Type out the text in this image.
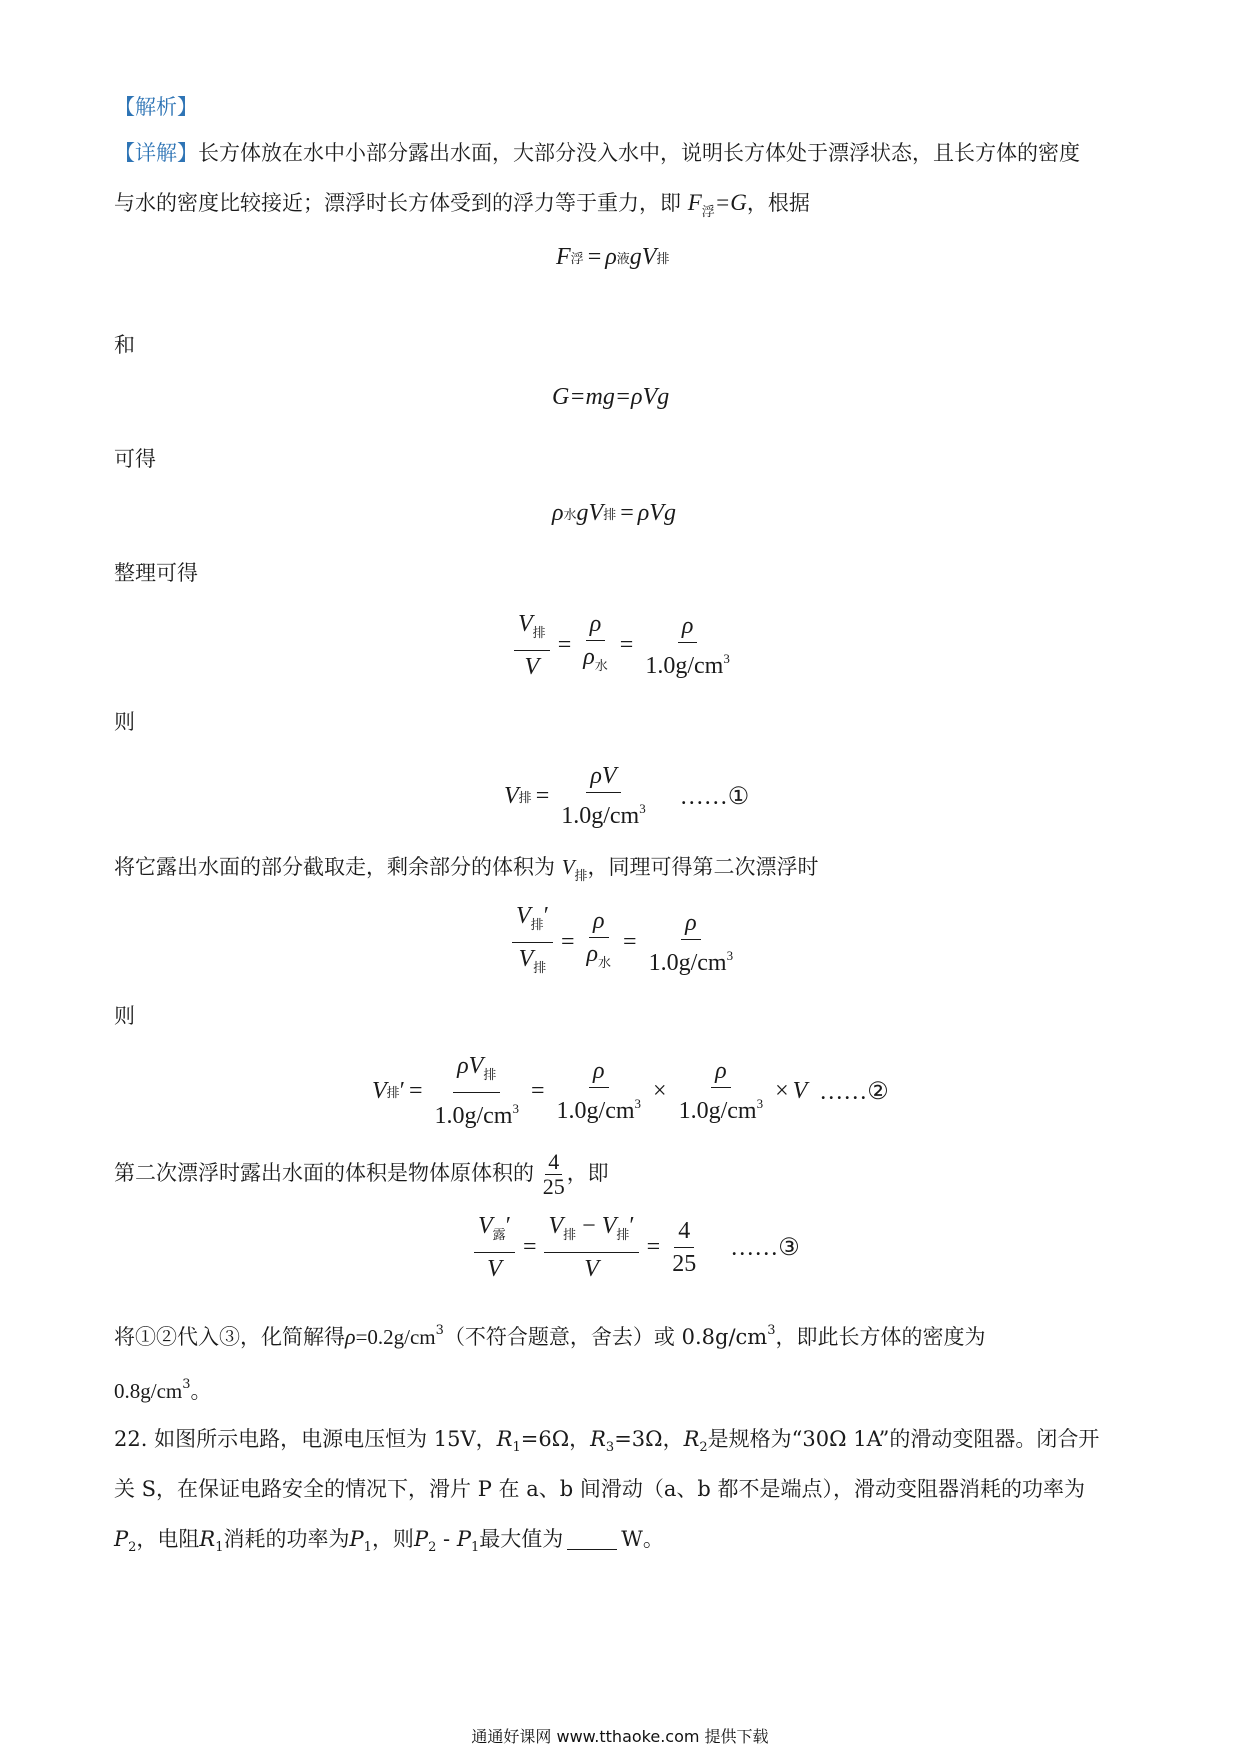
【解析】
【详解】长方体放在水中小部分露出水面，大部分没入水中，说明长方体处于漂浮状态，且长方体的密度
与水的密度比较接近；漂浮时长方体受到的浮力等于重力，即 $F_浮=G$，根据
F 浮 = ρ 液 gV 排
和
G=mg=ρVg
可得
ρ 水 gV 排 = ρVg
整理可得
$\frac{V_排}{V} = \frac{\rho}{\rho_水} = \frac{\rho}{1.0g/cm^3}$
则
V 排 = $\frac{\rho V}{1.0g/cm^3}$ ……①
将它露出水面的部分截取走，剩余部分的体积为 $V_排$，同理可得第二次漂浮时
$\frac{V_排'}{V_排} = \frac{\rho}{\rho_水} = \frac{\rho}{1.0g/cm^3}$
则
V 排 ′ = $\frac{\rho V_排}{1.0g/cm^3} = \frac{\rho}{1.0g/cm^3} \times \frac{\rho}{1.0g/cm^3} \times V$ ……②
第二次漂浮时露出水面的体积是物体原体积的 $\frac{4}{25}$ ，即
$\frac{V_露'}{V} = \frac{V_排 - V_排'}{V} = \frac{4}{25}$ ……③
将①②代入③，化简解得$\rho=0.2g/cm^3$（不符合题意，舍去）或 $0.8g/cm^3$，即此长方体的密度为
$0.8g/cm^3$。
22. 如图所示电路，电源电压恒为 15V，$R_1=6\Omega$，$R_3=3\Omega$，$R_2$是规格为“30Ω 1A”的滑动变阻器。闭合开
关 S，在保证电路安全的情况下，滑片 P 在 a、b 间滑动（a、b 都不是端点），滑动变阻器消耗的功率为
$P_2$，电阻$R_1$消耗的功率为$P_1$，则$P_2 - P_1$最大值为	W。
通通好课网 www.tthaoke.com 提供下载
